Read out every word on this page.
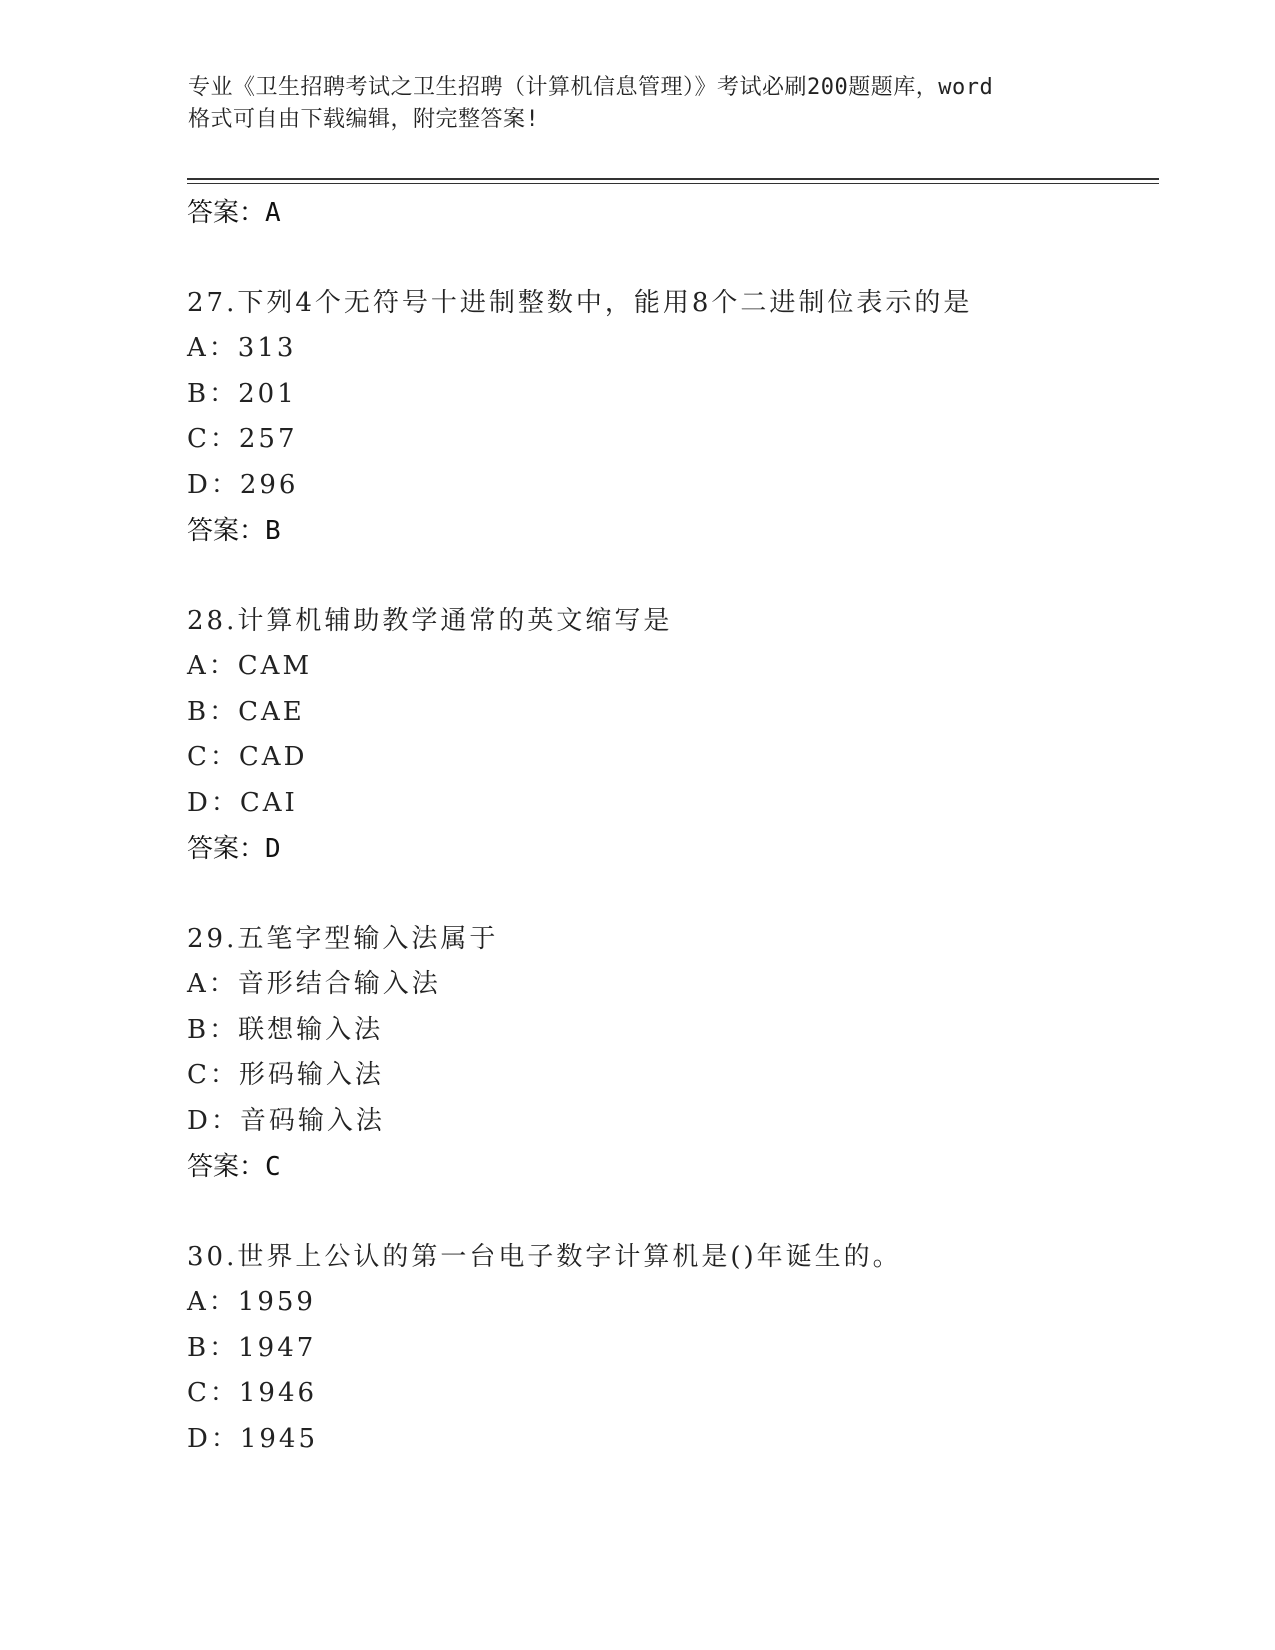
专业《卫生招聘考试之卫生招聘（计算机信息管理）》考试必刷200题题库，word
格式可自由下载编辑，附完整答案!
答案：A
27.下列4个无符号十进制整数中，能用8个二进制位表示的是
A：313
B：201
C：257
D：296
答案：B
28.计算机辅助教学通常的英文缩写是
A：CAM
B：CAE
C：CAD
D：CAI
答案：D
29.五笔字型输入法属于
A：音形结合输入法
B：联想输入法
C：形码输入法
D：音码输入法
答案：C
30.世界上公认的第一台电子数字计算机是()年诞生的。
A：1959
B：1947
C：1946
D：1945
